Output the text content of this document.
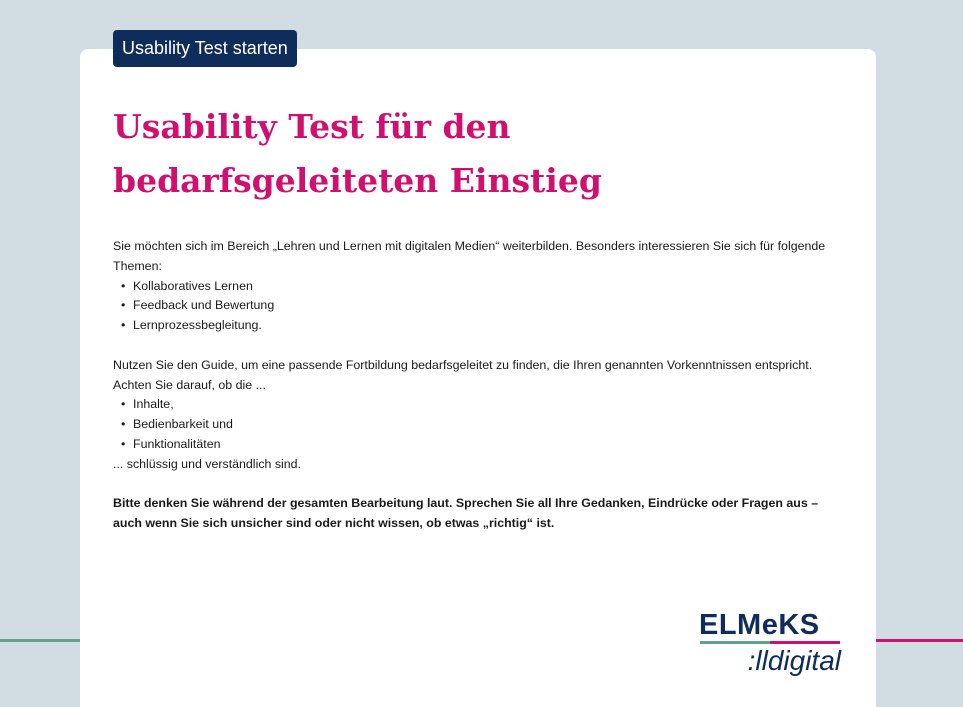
Usability Test starten
Usability Test für den
bedarfsgeleiteten Einstieg

Sie möchten sich im Bereich „Lehren und Lernen mit digitalen Medien“ weiterbilden. Besonders interessieren Sie sich für folgende Themen:

• Kollaboratives Lernen
• Feedback und Bewertung
• Lernprozessbegleitung.

Nutzen Sie den Guide, um eine passende Fortbildung bedarfsgeleitet zu finden, die Ihren genannten Vorkenntnissen entspricht.

Achten Sie darauf, ob die ...

• Inhalte,
• Bedienbarkeit und
• Funktionalitäten

... schlüssig und verständlich sind.

Bitte denken Sie während der gesamten Bearbeitung laut. Sprechen Sie all Ihre Gedanken, Eindrücke oder Fragen aus – auch wenn Sie sich unsicher sind oder nicht wissen, ob etwas „richtig“ ist.

ELMeKS
:lldigital
